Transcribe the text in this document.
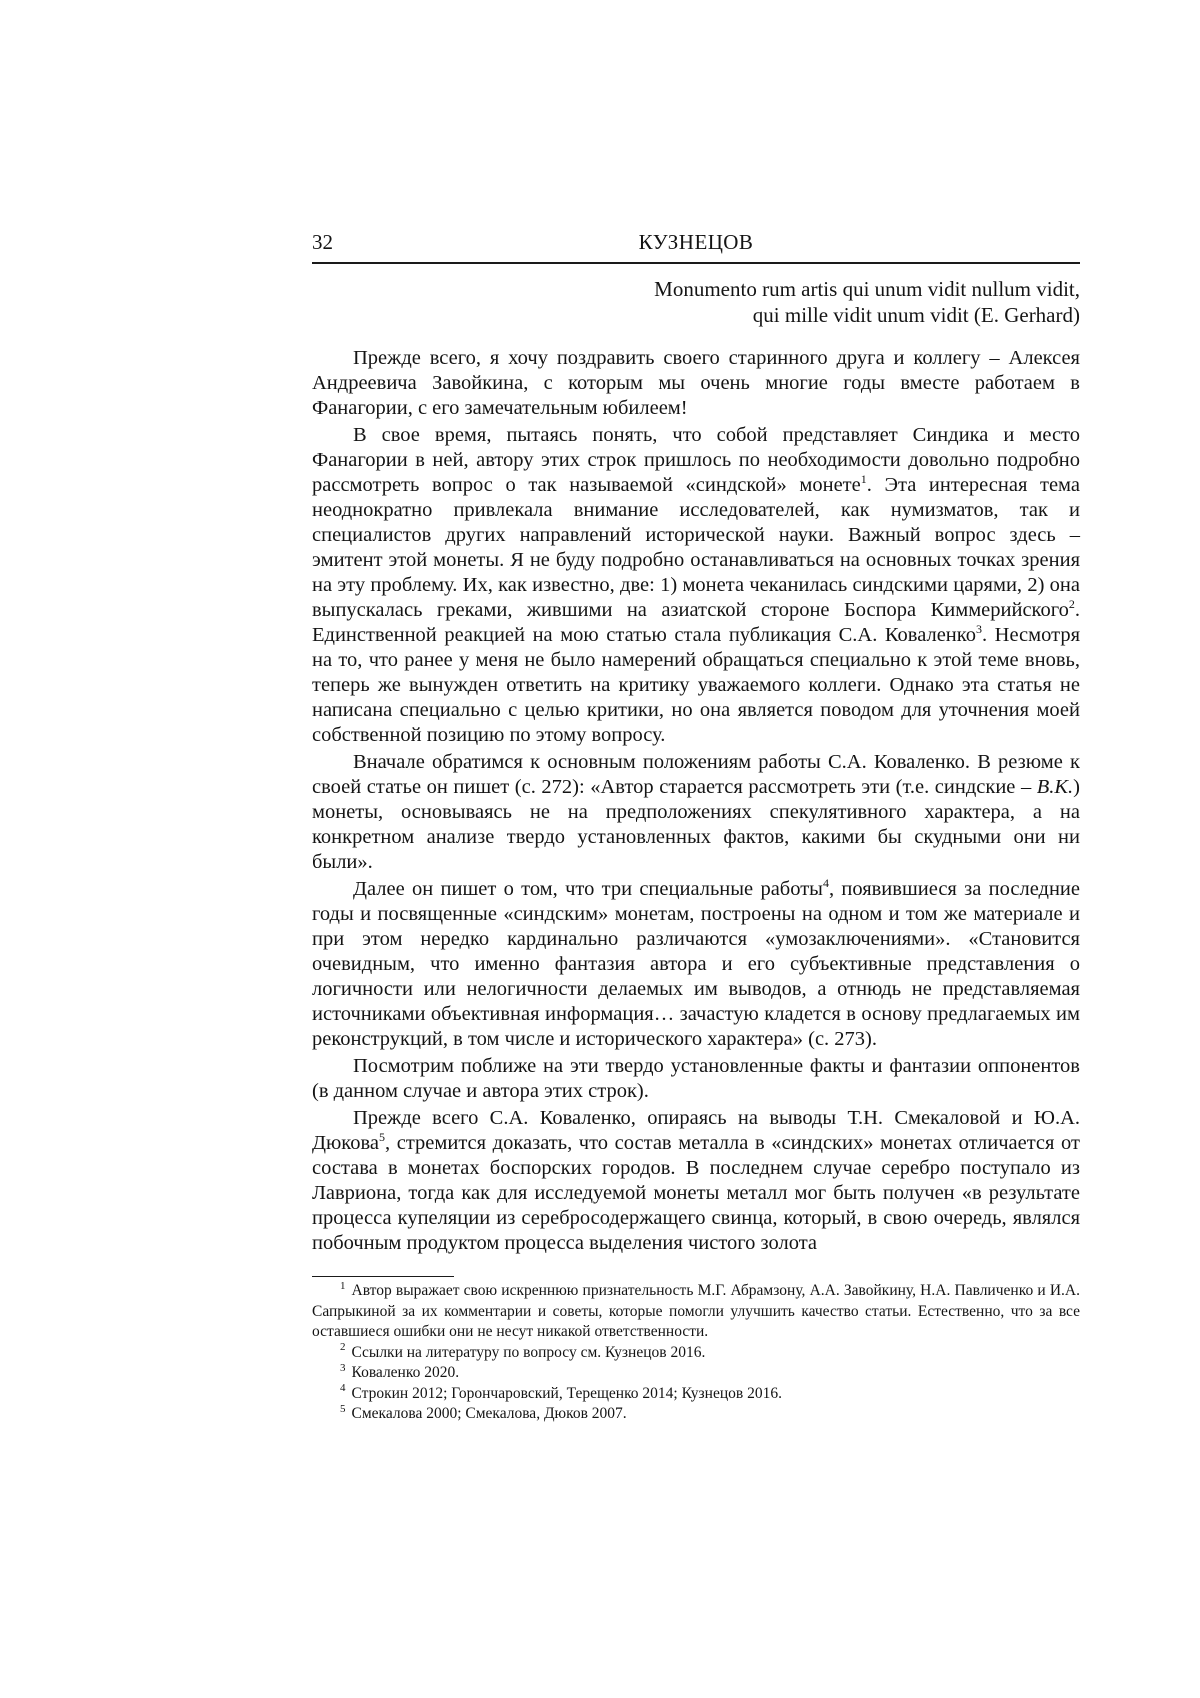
32	КУЗНЕЦОВ
Monumento rum artis qui unum vidit nullum vidit,
qui mille vidit unum vidit (E. Gerhard)

Прежде всего, я хочу поздравить своего старинного друга и коллегу – Алексея Андреевича Завойкина, с которым мы очень многие годы вместе работаем в Фанагории, с его замечательным юбилеем!

В свое время, пытаясь понять, что собой представляет Синдика и место Фанагории в ней, автору этих строк пришлось по необходимости довольно подробно рассмотреть вопрос о так называемой «синдской» монете$^1$. Эта интересная тема неоднократно привлекала внимание исследователей, как нумизматов, так и специалистов других направлений исторической науки. Важный вопрос здесь – эмитент этой монеты. Я не буду подробно останавливаться на основных точках зрения на эту проблему. Их, как известно, две: 1) монета чеканилась синдскими царями, 2) она выпускалась греками, жившими на азиатской стороне Боспора Киммерийского$^2$. Единственной реакцией на мою статью стала публикация С.А. Коваленко$^3$. Несмотря на то, что ранее у меня не было намерений обращаться специально к этой теме вновь, теперь же вынужден ответить на критику уважаемого коллеги. Однако эта статья не написана специально с целью критики, но она является поводом для уточнения моей собственной позицию по этому вопросу.

Вначале обратимся к основным положениям работы С.А. Коваленко. В резюме к своей статье он пишет (с. 272): «Автор старается рассмотреть эти (т.е. синдские – В.К.) монеты, основываясь не на предположениях спекулятивного характера, а на конкретном анализе твердо установленных фактов, какими бы скудными они ни были».

Далее он пишет о том, что три специальные работы$^4$, появившиеся за последние годы и посвященные «синдским» монетам, построены на одном и том же материале и при этом нередко кардинально различаются «умозаключениями». «Становится очевидным, что именно фантазия автора и его субъективные представления о логичности или нелогичности делаемых им выводов, а отнюдь не представляемая источниками объективная информация… зачастую кладется в основу предлагаемых им реконструкций, в том числе и исторического характера» (с. 273).

Посмотрим поближе на эти твердо установленные факты и фантазии оппонентов (в данном случае и автора этих строк).

Прежде всего С.А. Коваленко, опираясь на выводы Т.Н. Смекаловой и Ю.А. Дюкова$^5$, стремится доказать, что состав металла в «синдских» монетах отличается от состава в монетах боспорских городов. В последнем случае серебро поступало из Лавриона, тогда как для исследуемой монеты металл мог быть получен «в результате процесса купеляции из серебросодержащего свинца, который, в свою очередь, являлся побочным продуктом процесса выделения чистого золота

$^1$ Автор выражает свою искреннюю признательность М.Г. Абрамзону, А.А. Завойкину, Н.А. Павличенко и И.А. Сапрыкиной за их комментарии и советы, которые помогли улучшить качество статьи. Естественно, что за все оставшиеся ошибки они не несут никакой ответственности.

$^2$ Ссылки на литературу по вопросу см. Кузнецов 2016.

$^3$ Коваленко 2020.

$^4$ Строкин 2012; Горончаровский, Терещенко 2014; Кузнецов 2016.

$^5$ Смекалова 2000; Смекалова, Дюков 2007.
